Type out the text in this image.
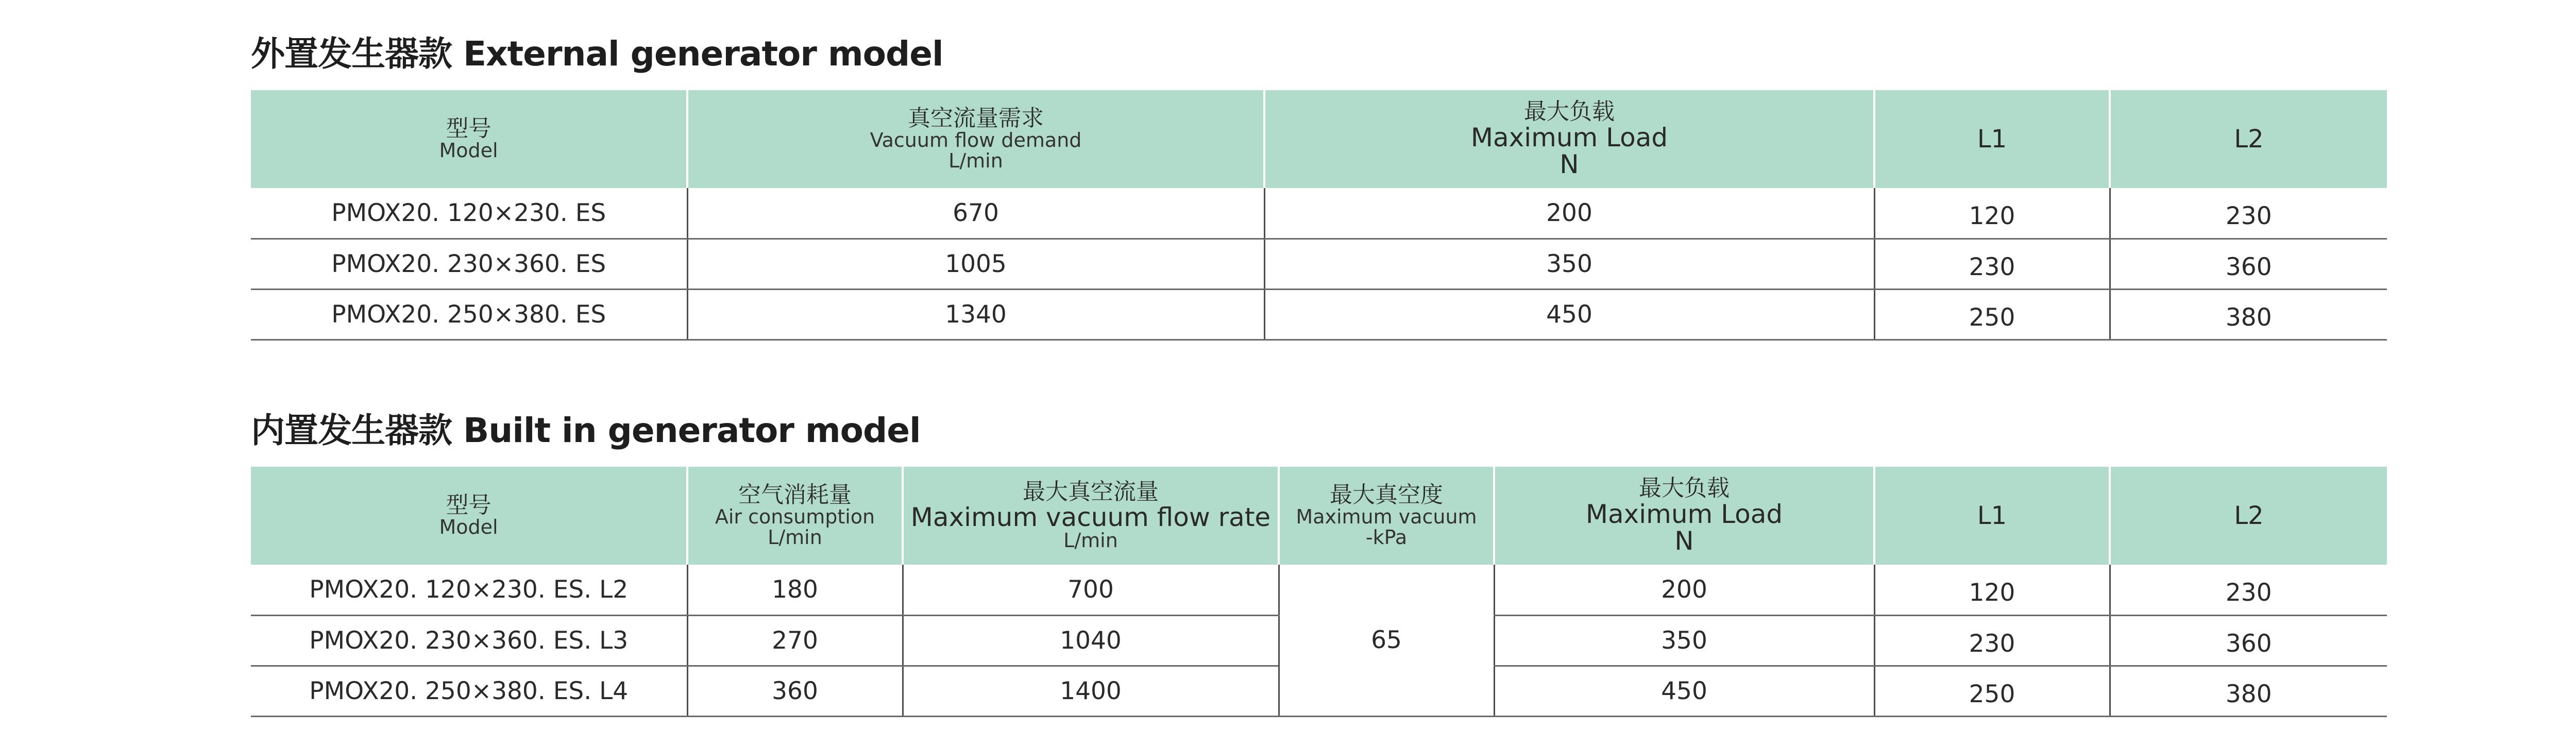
外置发生器款 External generator model
型号
Model	真空流量需求
Vacuum flow demand
L/min	最大负载
Maximum Load
N	L1	L2
PMOX20. 120×230. ES	670	200	120	230
PMOX20. 230×360. ES	1005	350	230	360
PMOX20. 250×380. ES	1340	450	250	380
内置发生器款 Built in generator model
型号
Model	空气消耗量
Air consumption
L/min	最大真空流量
Maximum vacuum flow rate
L/min	最大真空度
Maximum vacuum
-kPa	最大负载
Maximum Load
N	L1	L2
PMOX20. 120×230. ES. L2	180	700	65	200	120	230
PMOX20. 230×360. ES. L3	270	1040		350	230	360
PMOX20. 250×380. ES. L4	360	1400		450	250	380
